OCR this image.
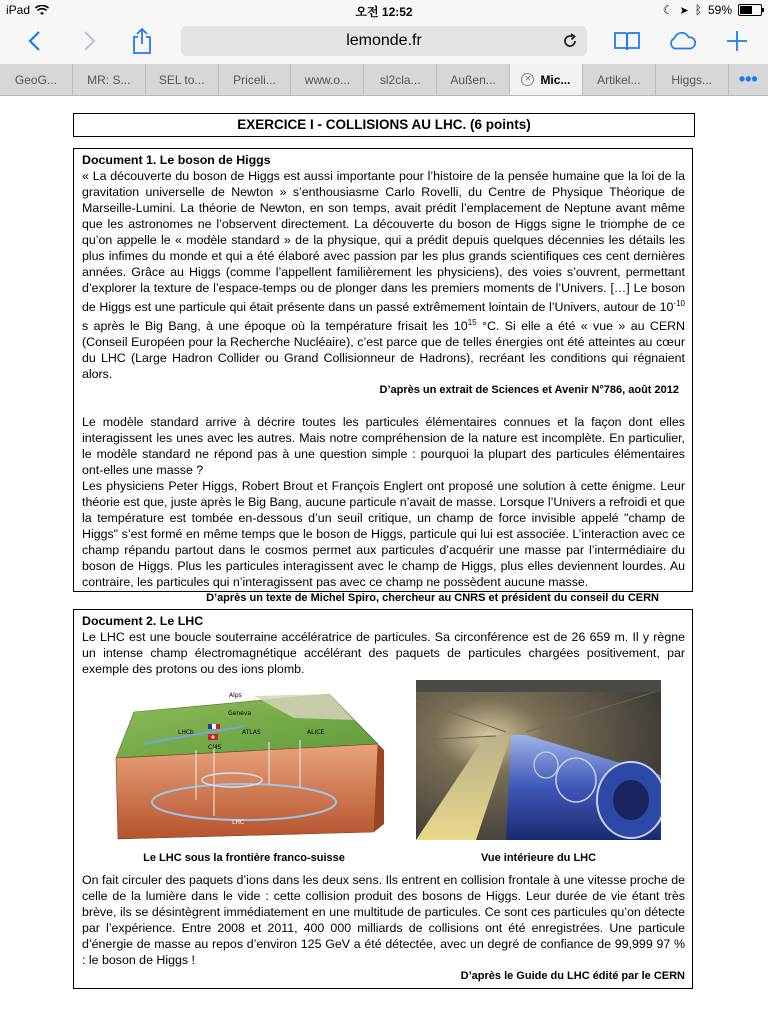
iPad	오전 12:52	☾ ➤ ᛒ 59%
lemonde.fr
GeoG...	MR: S... SEL to... Priceli... www.o... sl2cla... Außen...	× Mic... Artikel...	Higgs...	•••
EXERCICE I - COLLISIONS AU LHC. (6 points)
Document 1. Le boson de Higgs

« La découverte du boson de Higgs est aussi importante pour l’histoire de la pensée humaine que la loi de la gravitation universelle de Newton » s’enthousiasme Carlo Rovelli, du Centre de Physique Théorique de Marseille-Lumini. La théorie de Newton, en son temps, avait prédit l’emplacement de Neptune avant même que les astronomes ne l’observent directement. La découverte du boson de Higgs signe le triomphe de ce qu’on appelle le « modèle standard » de la physique, qui a prédit depuis quelques décennies les détails les plus infimes du monde et qui a été élaboré avec passion par les plus grands scientifiques ces cent dernières années. Grâce au Higgs (comme l’appellent familièrement les physiciens), des voies s’ouvrent, permettant d’explorer la texture de l’espace-temps ou de plonger dans les premiers moments de l’Univers. […] Le boson de Higgs est une particule qui était présente dans un passé extrêmement lointain de l’Univers, autour de $10^{-10}$ s après le Big Bang, à une époque où la température frisait les $10^{15}$ °C. Si elle a été « vue » au CERN (Conseil Européen pour la Recherche Nucléaire), c’est parce que de telles énergies ont été atteintes au cœur du LHC (Large Hadron Collider ou Grand Collisionneur de Hadrons), recréant les conditions qui régnaient alors.

D’après un extrait de Sciences et Avenir N°786, août 2012

Le modèle standard arrive à décrire toutes les particules élémentaires connues et la façon dont elles interagissent les unes avec les autres. Mais notre compréhension de la nature est incomplète. En particulier, le modèle standard ne répond pas à une question simple : pourquoi la plupart des particules élémentaires ont-elles une masse ?

Les physiciens Peter Higgs, Robert Brout et François Englert ont proposé une solution à cette énigme. Leur théorie est que, juste après le Big Bang, aucune particule n’avait de masse. Lorsque l’Univers a refroidi et que la température est tombée en-dessous d’un seuil critique, un champ de force invisible appelé "champ de Higgs" s’est formé en même temps que le boson de Higgs, particule qui lui est associée. L’interaction avec ce champ répandu partout dans le cosmos permet aux particules d’acquérir une masse par l’intermédiaire du boson de Higgs. Plus les particules interagissent avec le champ de Higgs, plus elles deviennent lourdes. Au contraire, les particules qui n’interagissent pas avec ce champ ne possèdent aucune masse.

D’après un texte de Michel Spiro, chercheur au CNRS et président du conseil du CERN
Document 2. Le LHC

Le LHC est une boucle souterraine accélératrice de particules. Sa circonférence est de 26 659 m. Il y règne un intense champ électromagnétique accélérant des paquets de particules chargées positivement, par exemple des protons ou des ions plomb.

Alps
Geneva
LHCb	ATLAS	ALICE
CMS
LHC
Le LHC sous la frontière franco-suisse	Vue intérieure du LHC

On fait circuler des paquets d’ions dans les deux sens. Ils entrent en collision frontale à une vitesse proche de celle de la lumière dans le vide : cette collision produit des bosons de Higgs. Leur durée de vie étant très brève, ils se désintègrent immédiatement en une multitude de particules. Ce sont ces particules qu’on détecte par l’expérience. Entre 2008 et 2011, 400 000 milliards de collisions ont été enregistrées. Une particule d’énergie de masse au repos d’environ 125 GeV a été détectée, avec un degré de confiance de 99,999 97 % : le boson de Higgs !

D’après le Guide du LHC édité par le CERN
